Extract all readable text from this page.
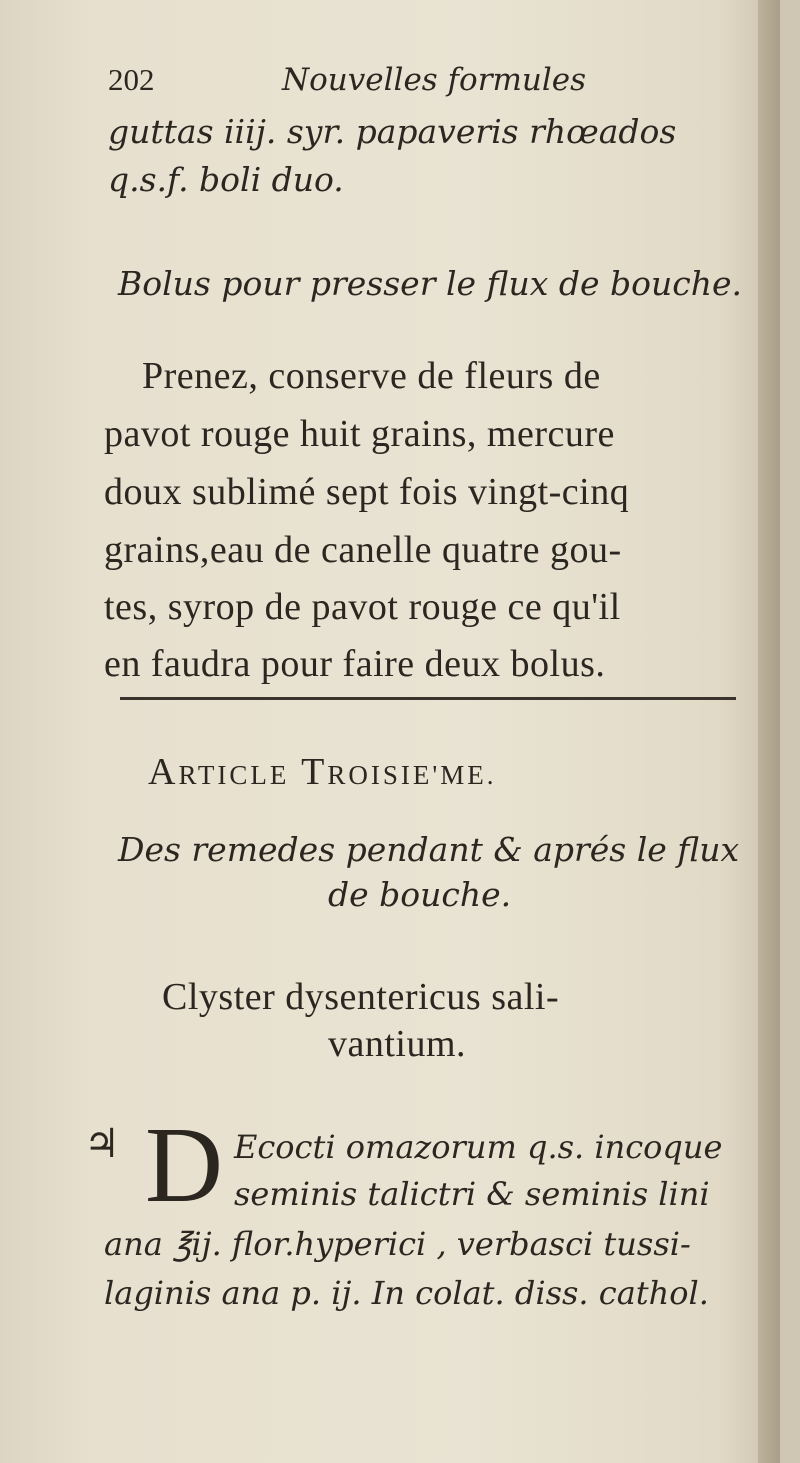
202	Nouvelles formules
guttas iiij. syr. papaveris rhœados
q.s.f. boli duo.
Bolus pour presser le flux de bouche.
Prenez, conserve de fleurs de
pavot rouge huit grains, mercure
doux sublimé sept fois vingt-cinq
grains,eau de canelle quatre gou-
tes, syrop de pavot rouge ce qu'il
en faudra pour faire deux bolus.
ARTICLE TROISIE'ME.
Des remedes pendant & aprés le flux
de bouche.
Clyster dysentericus sali-
vantium.
♃ D Ecocti omazorum q.s. incoque
seminis talictri & seminis lini
ana ℥ij. flor.hyperici , verbasci tussi-
laginis ana p. ij. In colat. diss. cathol.
